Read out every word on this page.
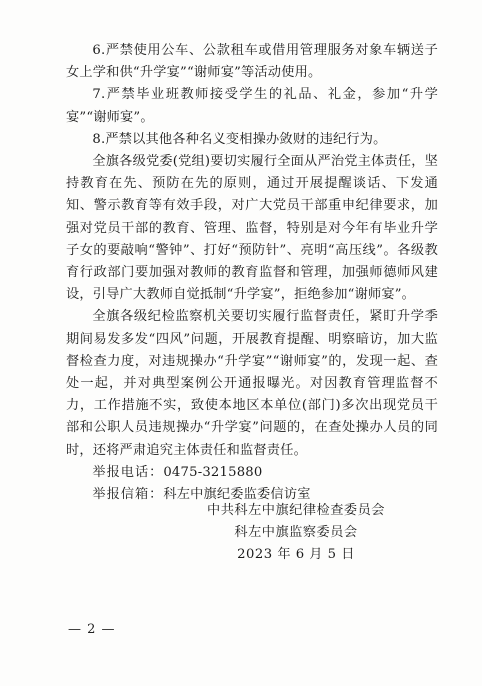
6.严禁使用公车、公款租车或借用管理服务对象车辆送子女上学和供“升学宴”“谢师宴”等活动使用。

7.严禁毕业班教师接受学生的礼品、礼金，参加“升学宴”“谢师宴”。

8.严禁以其他各种名义变相操办敛财的违纪行为。

全旗各级党委(党组)要切实履行全面从严治党主体责任，坚持教育在先、预防在先的原则，通过开展提醒谈话、下发通知、警示教育等有效手段，对广大党员干部重申纪律要求，加强对党员干部的教育、管理、监督，特别是对今年有毕业升学子女的要敲响“警钟”、打好“预防针”、亮明“高压线”。各级教育行政部门要加强对教师的教育监督和管理，加强师德师风建设，引导广大教师自觉抵制“升学宴”，拒绝参加“谢师宴”。

全旗各级纪检监察机关要切实履行监督责任，紧盯升学季期间易发多发“四风”问题，开展教育提醒、明察暗访，加大监督检查力度，对违规操办“升学宴”“谢师宴”的，发现一起、查处一起，并对典型案例公开通报曝光。对因教育管理监督不力，工作措施不实，致使本地区本单位(部门)多次出现党员干部和公职人员违规操办“升学宴”问题的，在查处操办人员的同时，还将严肃追究主体责任和监督责任。

举报电话：0475-3215880

举报信箱：科左中旗纪委监委信访室

中共科左中旗纪律检查委员会
科左中旗监察委员会
2023 年 6 月 5 日
— 2 —
